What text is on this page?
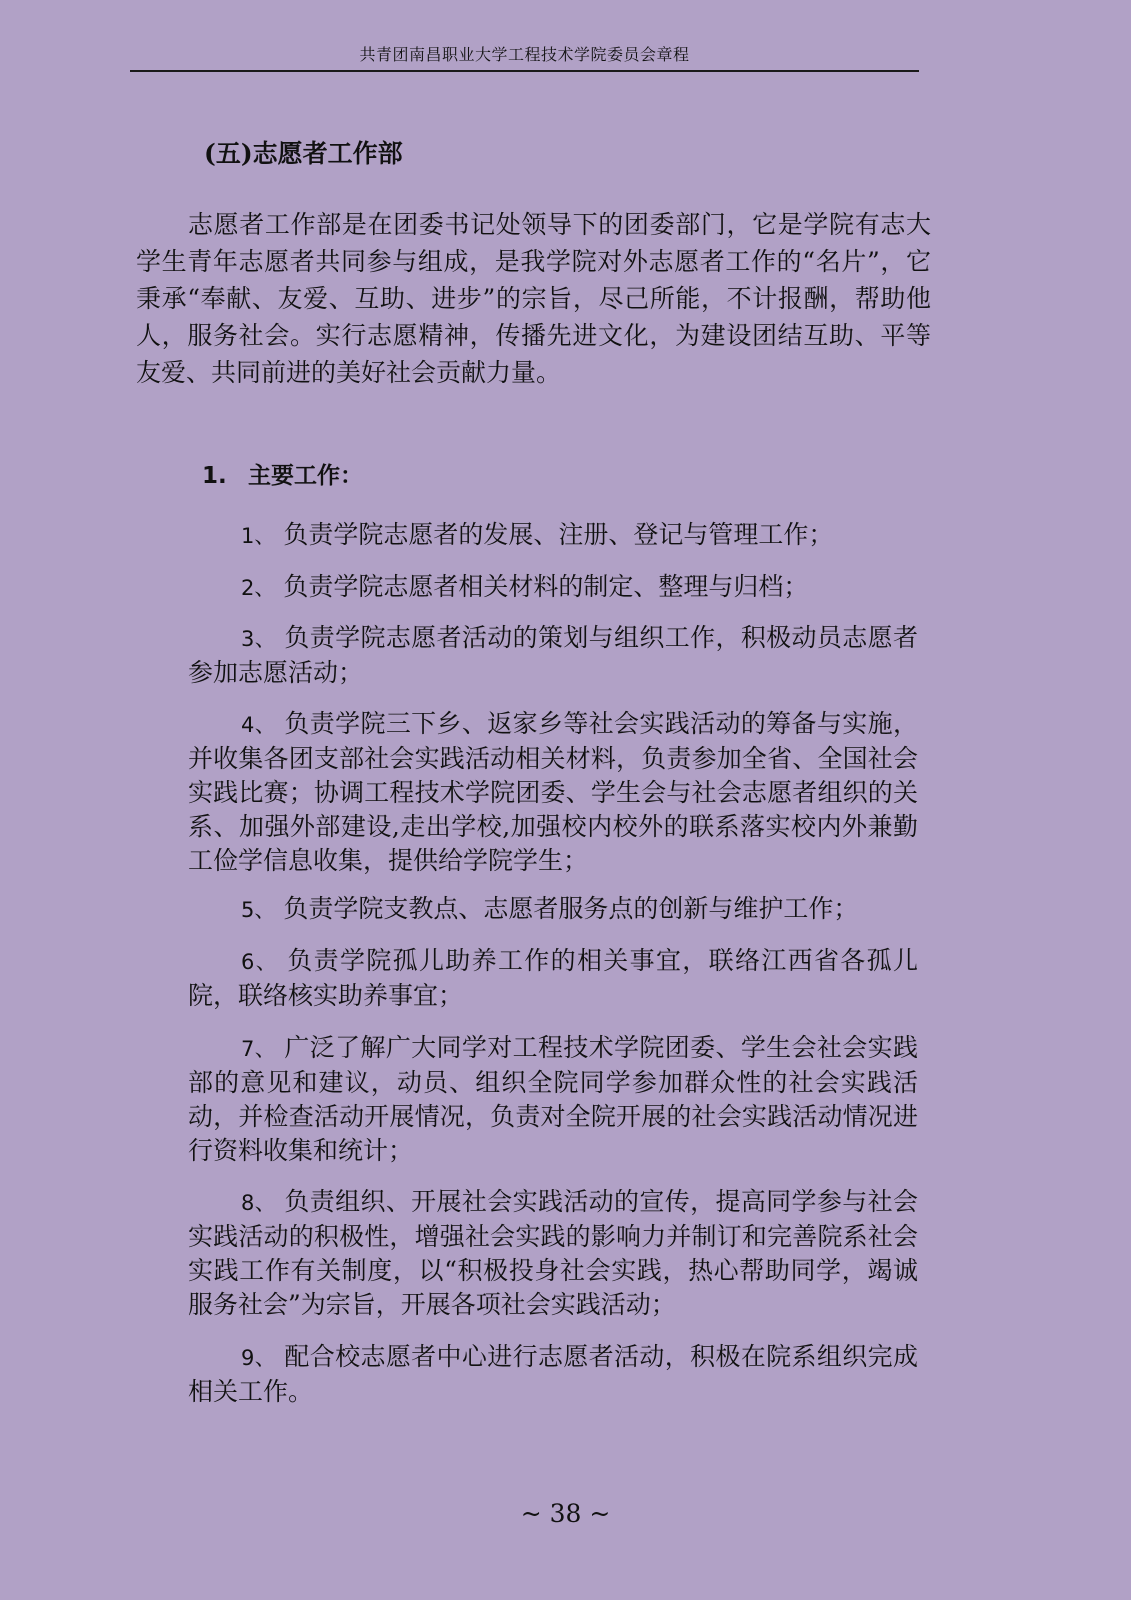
共青团南昌职业大学工程技术学院委员会章程
(五)志愿者工作部

志愿者工作部是在团委书记处领导下的团委部门，它是学院有志大学生青年志愿者共同参与组成，是我学院对外志愿者工作的“名片”，它秉承“奉献、友爱、互助、进步”的宗旨，尽己所能，不计报酬，帮助他人，服务社会。实行志愿精神，传播先进文化，为建设团结互助、平等友爱、共同前进的美好社会贡献力量。

1. 主要工作：

1、 负责学院志愿者的发展、注册、登记与管理工作；

2、 负责学院志愿者相关材料的制定、整理与归档；

3、 负责学院志愿者活动的策划与组织工作，积极动员志愿者参加志愿活动；

4、 负责学院三下乡、返家乡等社会实践活动的筹备与实施，并收集各团支部社会实践活动相关材料，负责参加全省、全国社会实践比赛；协调工程技术学院团委、学生会与社会志愿者组织的关系、加强外部建设,走出学校,加强校内校外的联系落实校内外兼勤工俭学信息收集，提供给学院学生；

5、 负责学院支教点、志愿者服务点的创新与维护工作；

6、 负责学院孤儿助养工作的相关事宜，联络江西省各孤儿院，联络核实助养事宜；

7、 广泛了解广大同学对工程技术学院团委、学生会社会实践部的意见和建议，动员、组织全院同学参加群众性的社会实践活动，并检查活动开展情况，负责对全院开展的社会实践活动情况进行资料收集和统计；

8、 负责组织、开展社会实践活动的宣传，提高同学参与社会实践活动的积极性，增强社会实践的影响力并制订和完善院系社会实践工作有关制度，以“积极投身社会实践，热心帮助同学，竭诚服务社会”为宗旨，开展各项社会实践活动；

9、 配合校志愿者中心进行志愿者活动，积极在院系组织完成相关工作。

~ 38 ~
